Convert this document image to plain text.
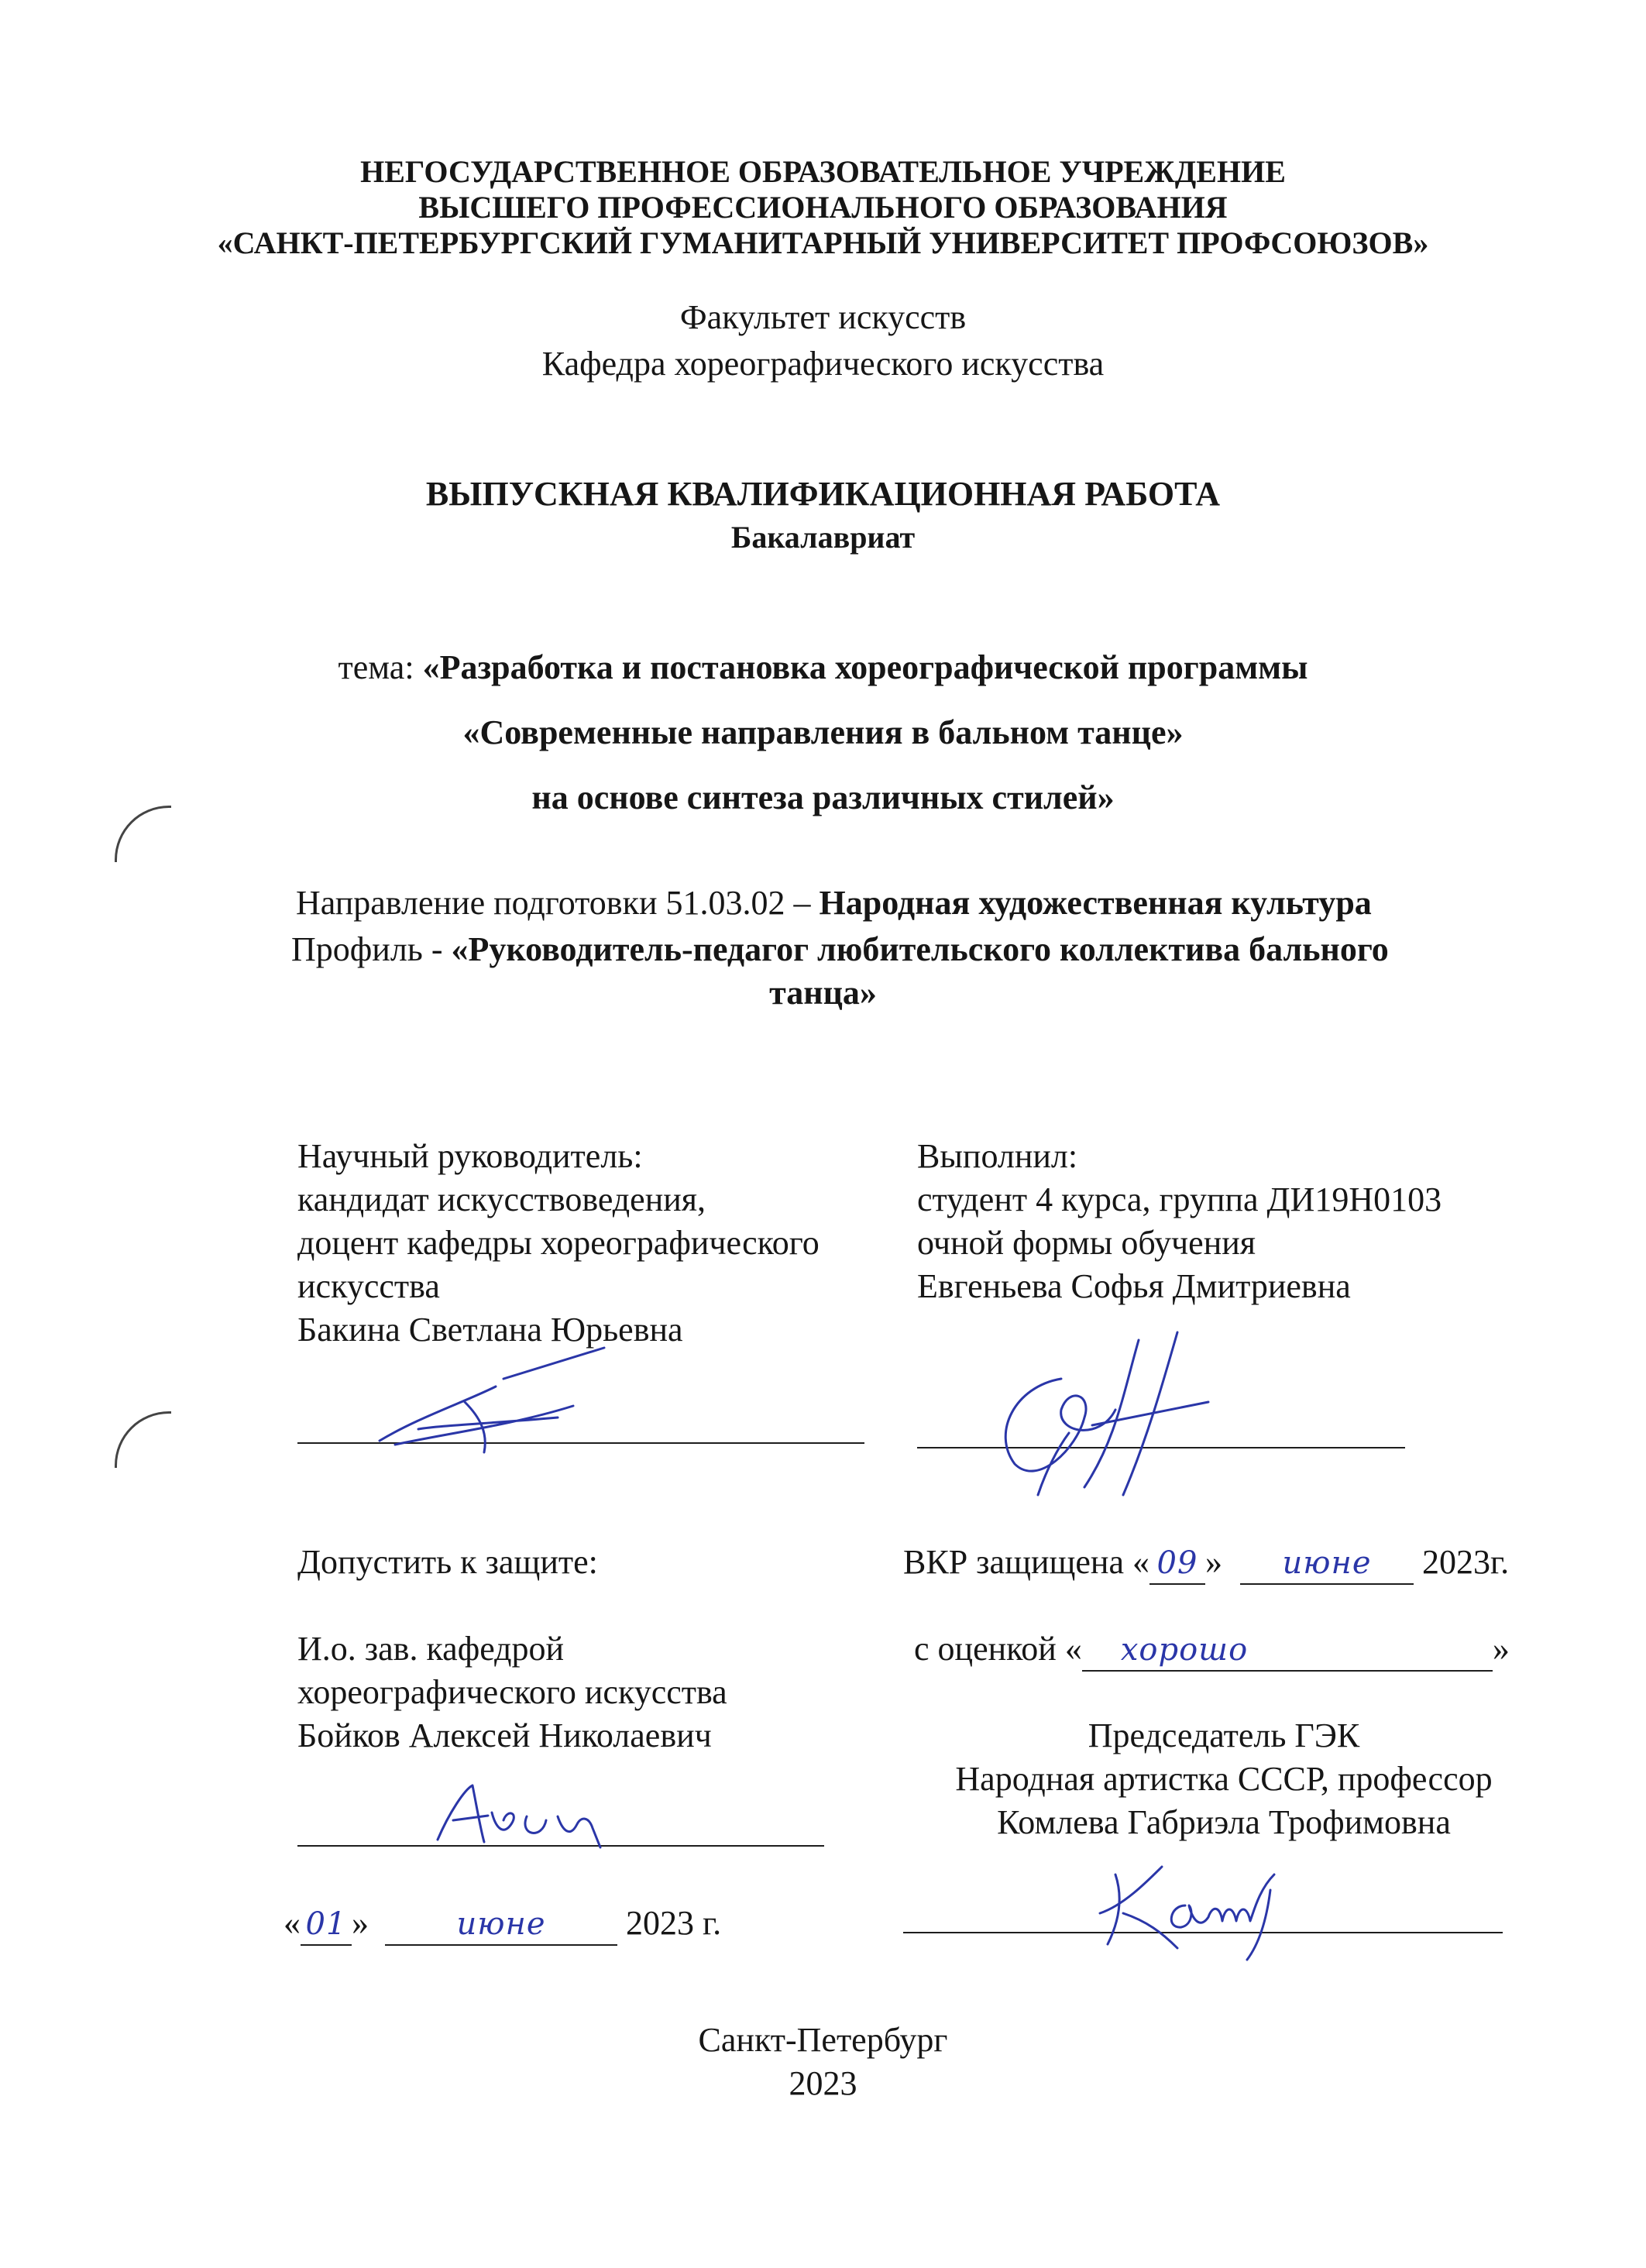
НЕГОСУДАРСТВЕННОЕ ОБРАЗОВАТЕЛЬНОЕ УЧРЕЖДЕНИЕ
ВЫСШЕГО ПРОФЕССИОНАЛЬНОГО ОБРАЗОВАНИЯ
«САНКТ-ПЕТЕРБУРГСКИЙ ГУМАНИТАРНЫЙ УНИВЕРСИТЕТ ПРОФСОЮЗОВ»
Факультет искусств
Кафедра хореографического искусства
ВЫПУСКНАЯ КВАЛИФИКАЦИОННАЯ РАБОТА
Бакалавриат
тема: «Разработка и постановка хореографической программы
«Современные направления в бальном танце»
на основе синтеза различных стилей»
Направление подготовки 51.03.02 – Народная художественная культура
Профиль - «Руководитель-педагог любительского коллектива бального
танца»
Научный руководитель:
кандидат искусствоведения,
доцент кафедры хореографического
искусства
Бакина Светлана Юрьевна
Выполнил:
студент 4 курса, группа ДИ19Н0103
очной формы обучения
Евгеньева Софья Дмитриевна
Допустить к защите:
И.о. зав. кафедрой
хореографического искусства
Бойков Алексей Николаевич
« 01 »	июне 2023 г.
ВКР защищена « 09 » июне 2023г.
с оценкой « хорошо	»
Председатель ГЭК
Народная артистка СССР, профессор
Комлева Габриэла Трофимовна
Санкт-Петербург
2023
